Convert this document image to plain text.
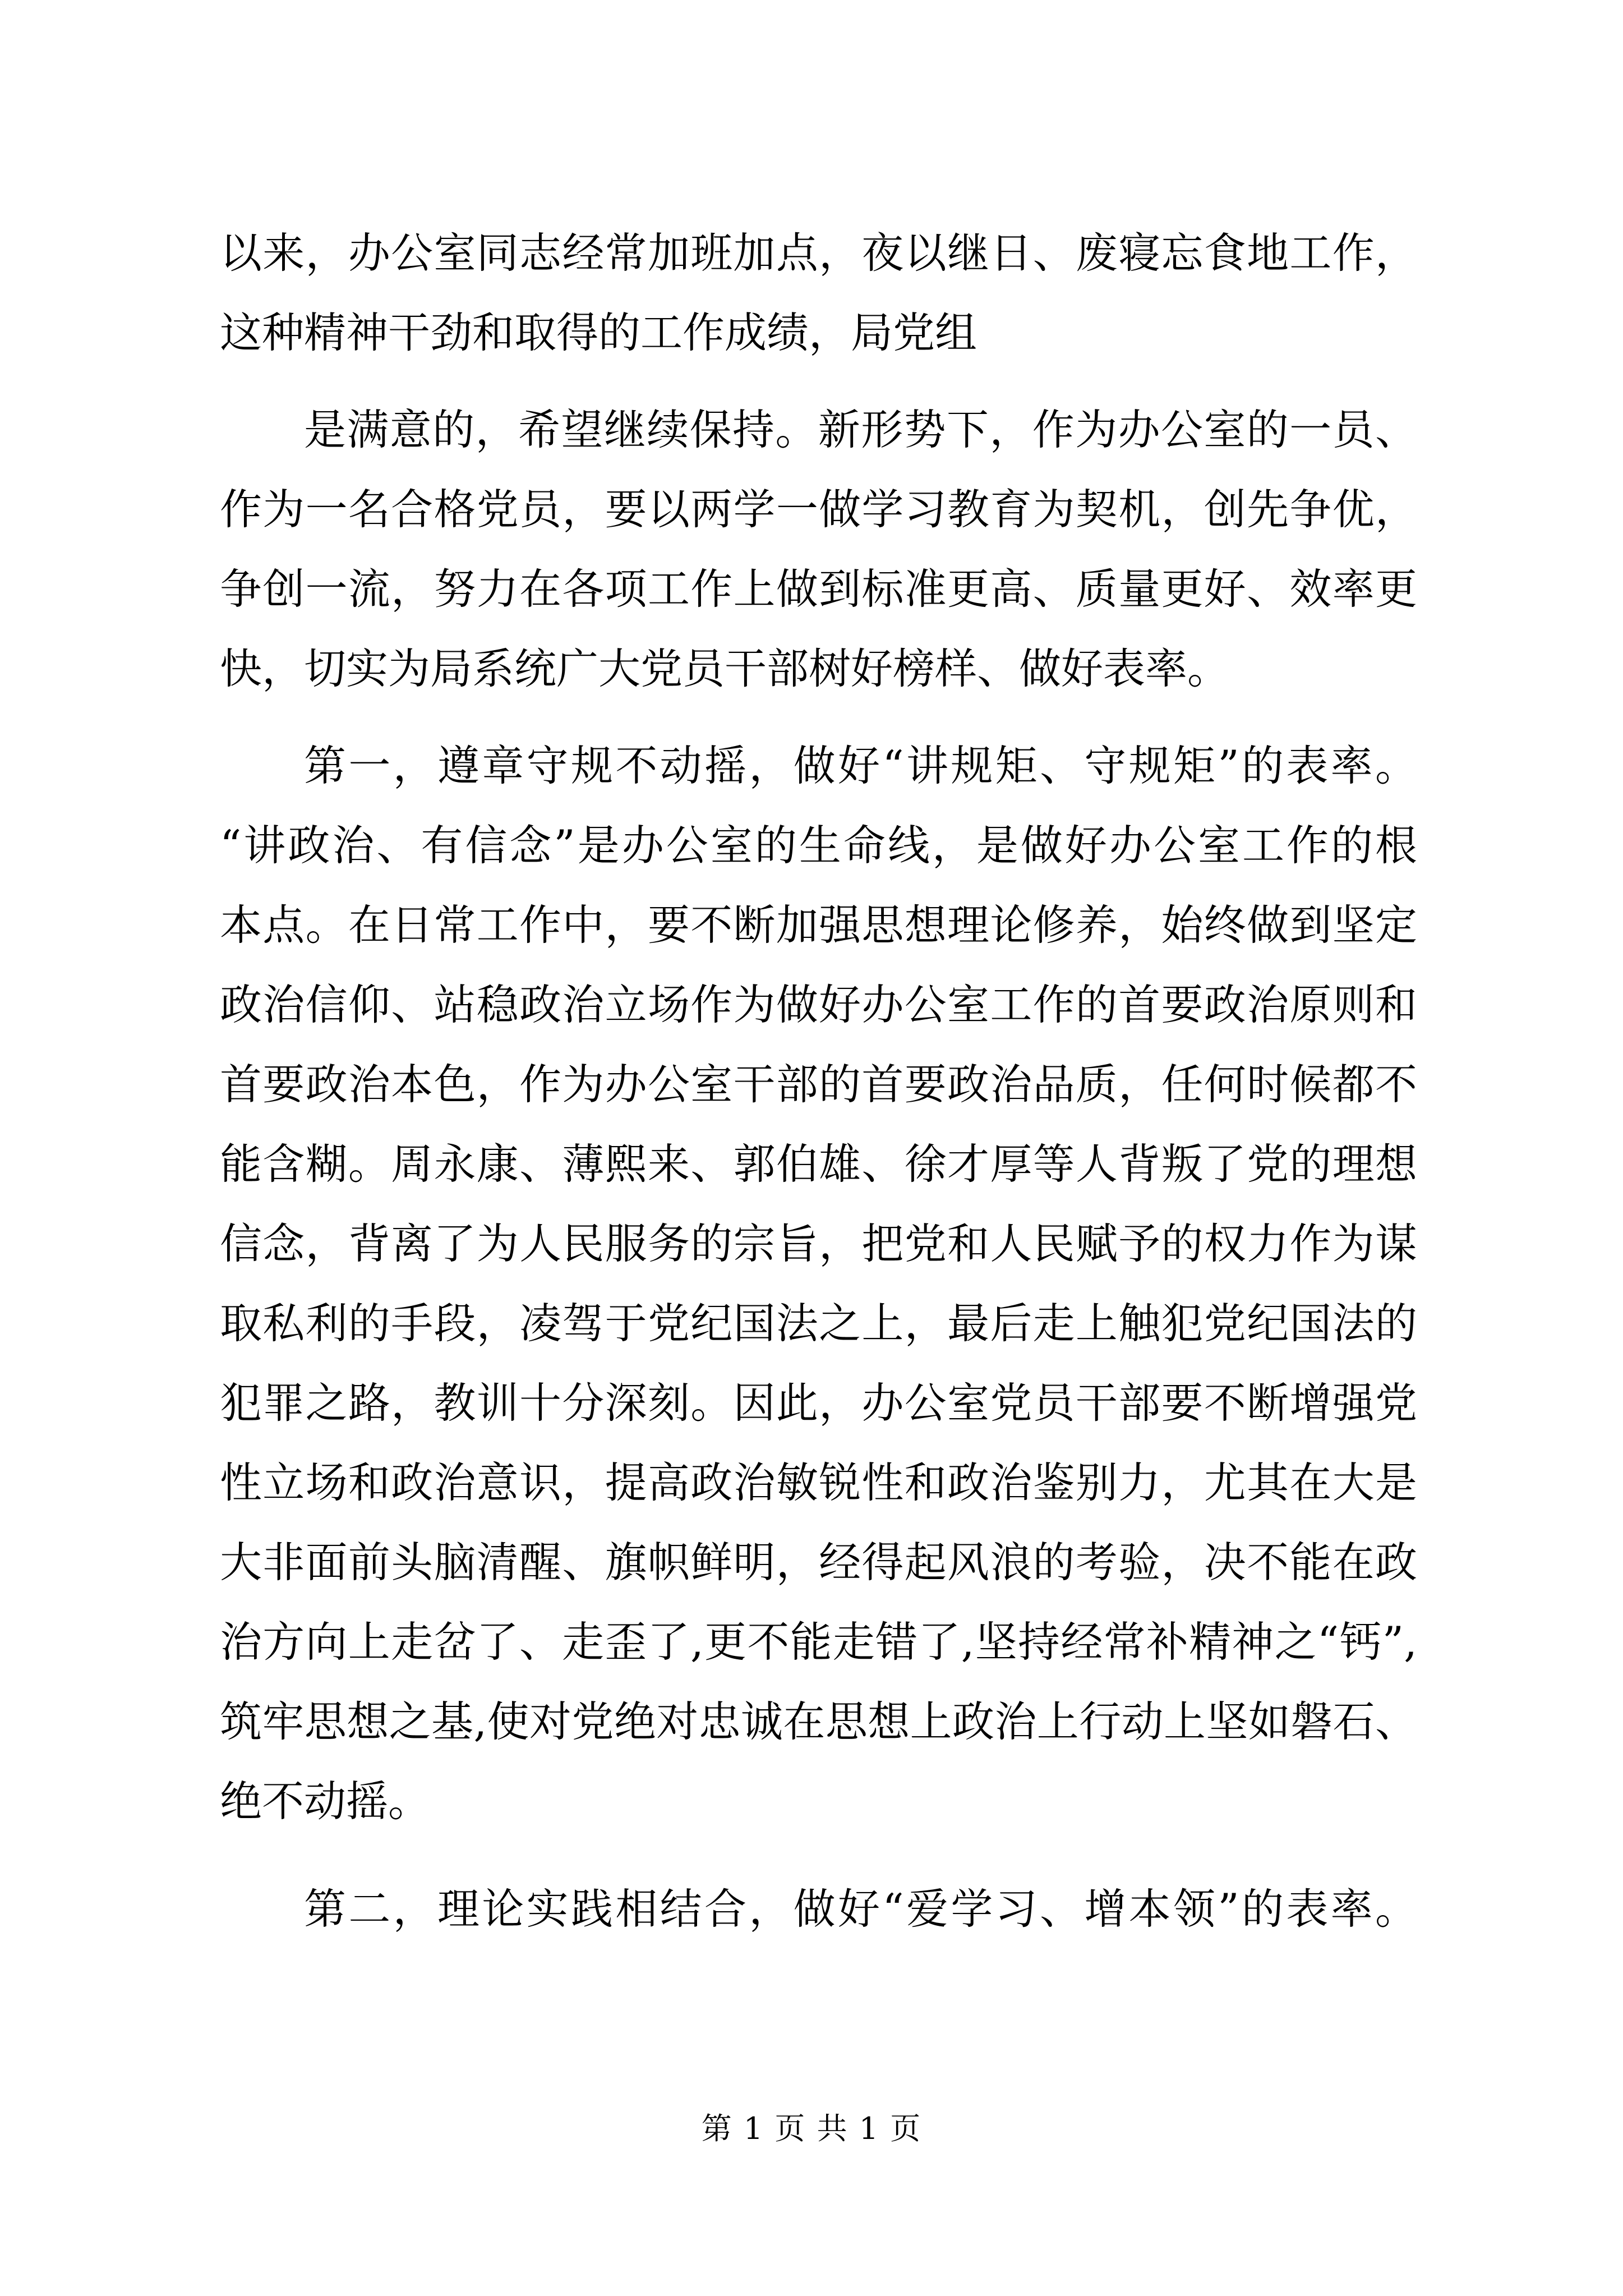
以来，办公室同志经常加班加点，夜以继日、废寝忘食地工作，
这种精神干劲和取得的工作成绩，局党组
是满意的，希望继续保持。新形势下，作为办公室的一员、
作为一名合格党员，要以两学一做学习教育为契机，创先争优，
争创一流，努力在各项工作上做到标准更高、质量更好、效率更
快，切实为局系统广大党员干部树好榜样、做好表率。
第一，遵章守规不动摇，做好“讲规矩、守规矩”的表率。
“讲政治、有信念”是办公室的生命线，是做好办公室工作的根
本点。在日常工作中，要不断加强思想理论修养，始终做到坚定
政治信仰、站稳政治立场作为做好办公室工作的首要政治原则和
首要政治本色，作为办公室干部的首要政治品质，任何时候都不
能含糊。周永康、薄熙来、郭伯雄、徐才厚等人背叛了党的理想
信念，背离了为人民服务的宗旨，把党和人民赋予的权力作为谋
取私利的手段，凌驾于党纪国法之上，最后走上触犯党纪国法的
犯罪之路，教训十分深刻。因此，办公室党员干部要不断增强党
性立场和政治意识，提高政治敏锐性和政治鉴别力，尤其在大是
大非面前头脑清醒、旗帜鲜明，经得起风浪的考验，决不能在政
治方向上走岔了、走歪了,更不能走错了,坚持经常补精神之“钙”,
筑牢思想之基,使对党绝对忠诚在思想上政治上行动上坚如磐石、
绝不动摇。
第二，理论实践相结合，做好“爱学习、增本领”的表率。
第 1 页 共 1 页
